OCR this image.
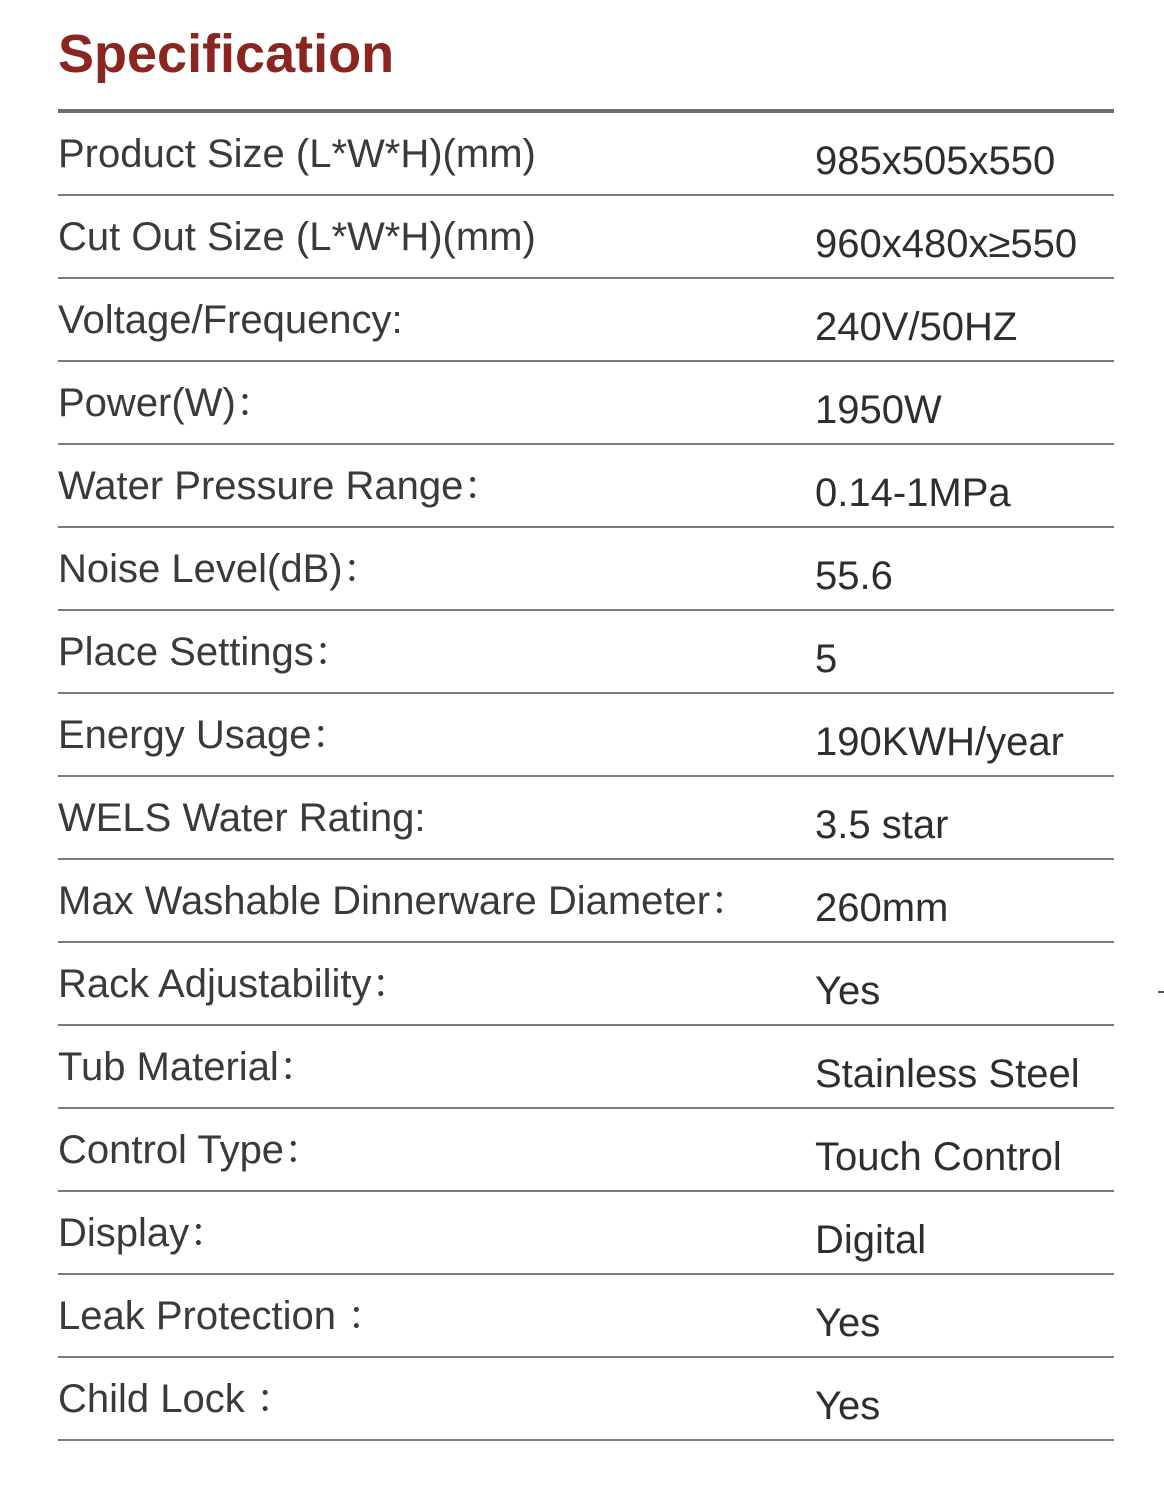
Specification
Product Size (L*W*H)(mm)	985x505x550
Cut Out Size (L*W*H)(mm)	960x480x≥550
Voltage/Frequency:	240V/50HZ
Power(W)：	1950W
Water Pressure Range：	0.14-1MPa
Noise Level(dB)：	55.6
Place Settings：	5
Energy Usage：	190KWH/year
WELS Water Rating:	3.5 star
Max Washable Dinnerware Diameter： 260mm
Rack Adjustability：	Yes
Tub Material：	Stainless Steel
Control Type：	Touch Control
Display：	Digital
Leak Protection ：	Yes
Child Lock ：	Yes
